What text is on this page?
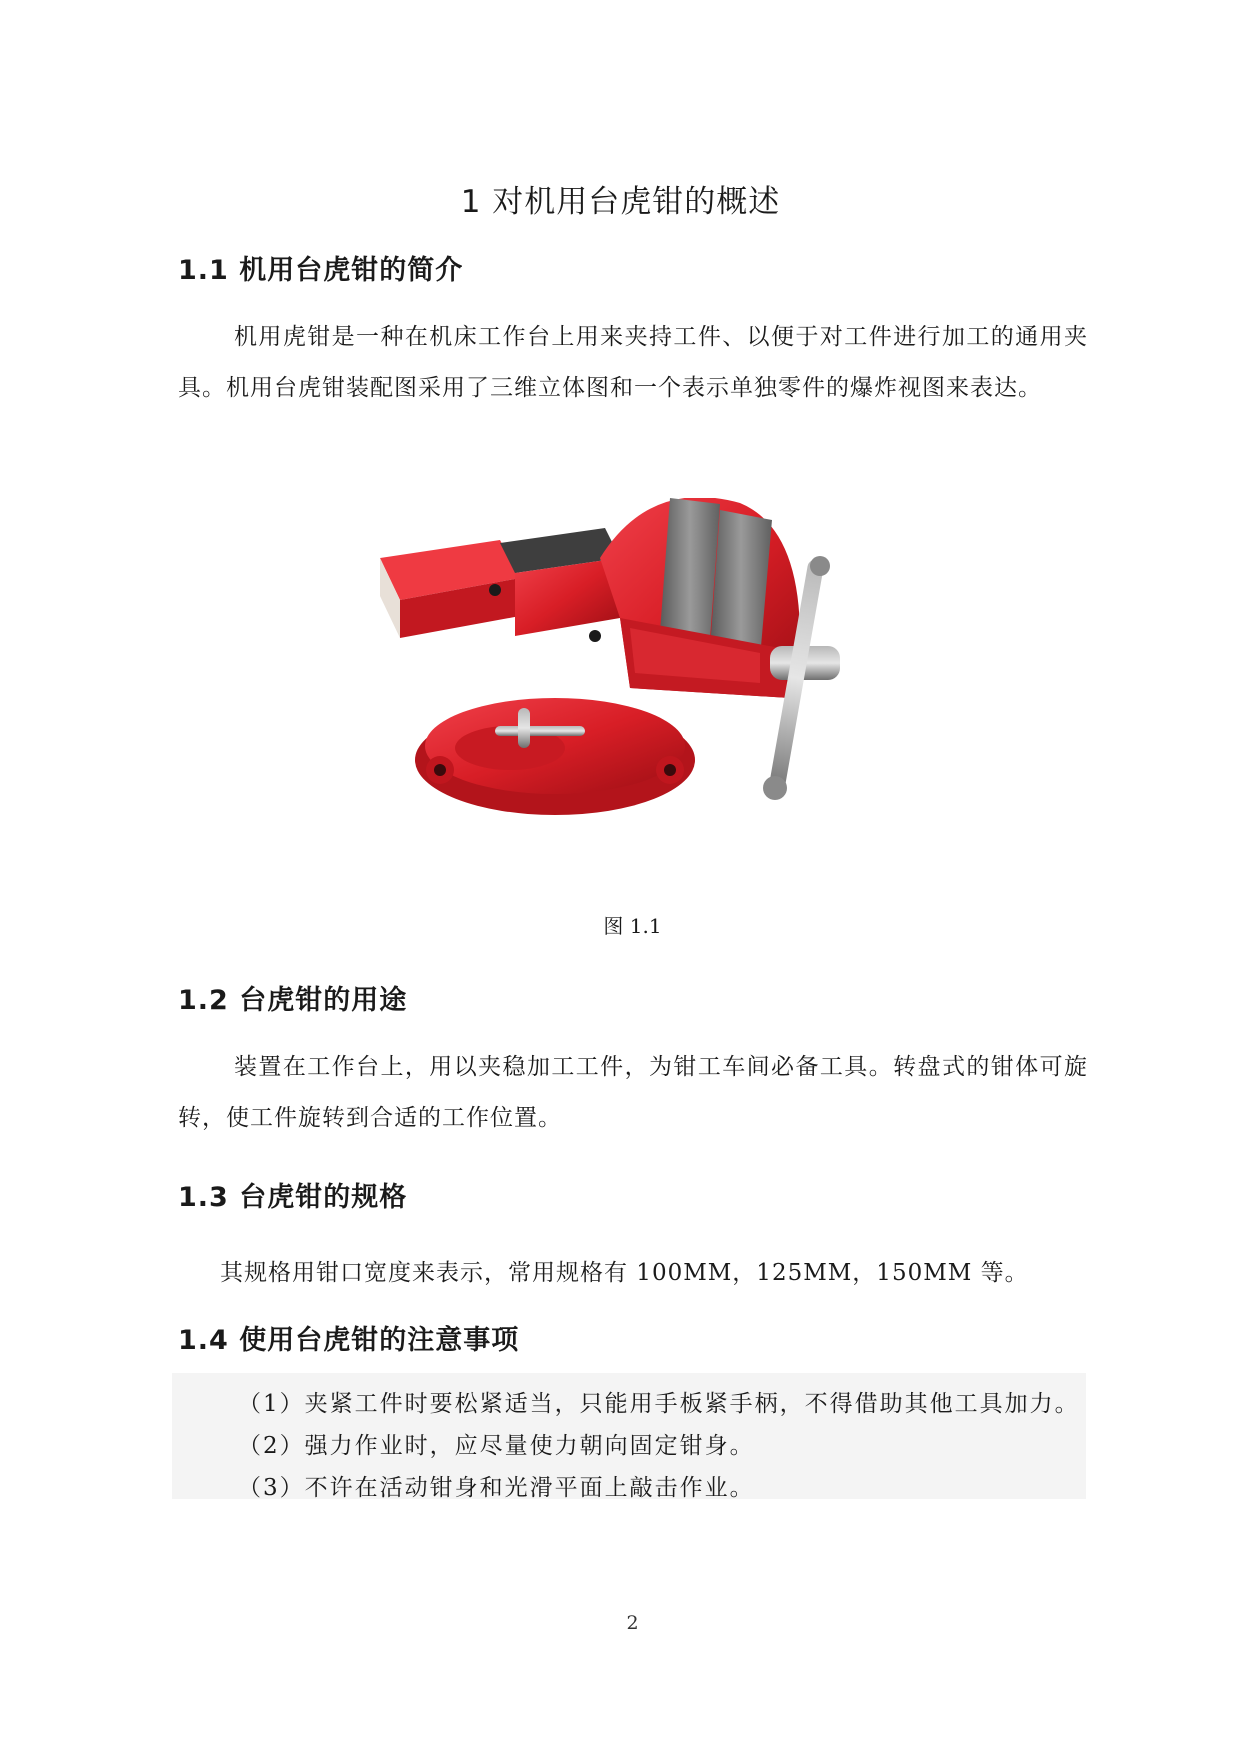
1 对机用台虎钳的概述
1.1 机用台虎钳的简介

机用虎钳是一种在机床工作台上用来夹持工件、以便于对工件进行加工的通用夹具。机用台虎钳装配图采用了三维立体图和一个表示单独零件的爆炸视图来表达。

图 1.1

1.2 台虎钳的用途

装置在工作台上，用以夹稳加工工件，为钳工车间必备工具。转盘式的钳体可旋转，使工件旋转到合适的工作位置。

1.3 台虎钳的规格

其规格用钳口宽度来表示，常用规格有 100MM，125MM，150MM 等。

1.4 使用台虎钳的注意事项

（1）夹紧工件时要松紧适当，只能用手板紧手柄，不得借助其他工具加力。

（2）强力作业时，应尽量使力朝向固定钳身。

（3）不许在活动钳身和光滑平面上敲击作业。

2
